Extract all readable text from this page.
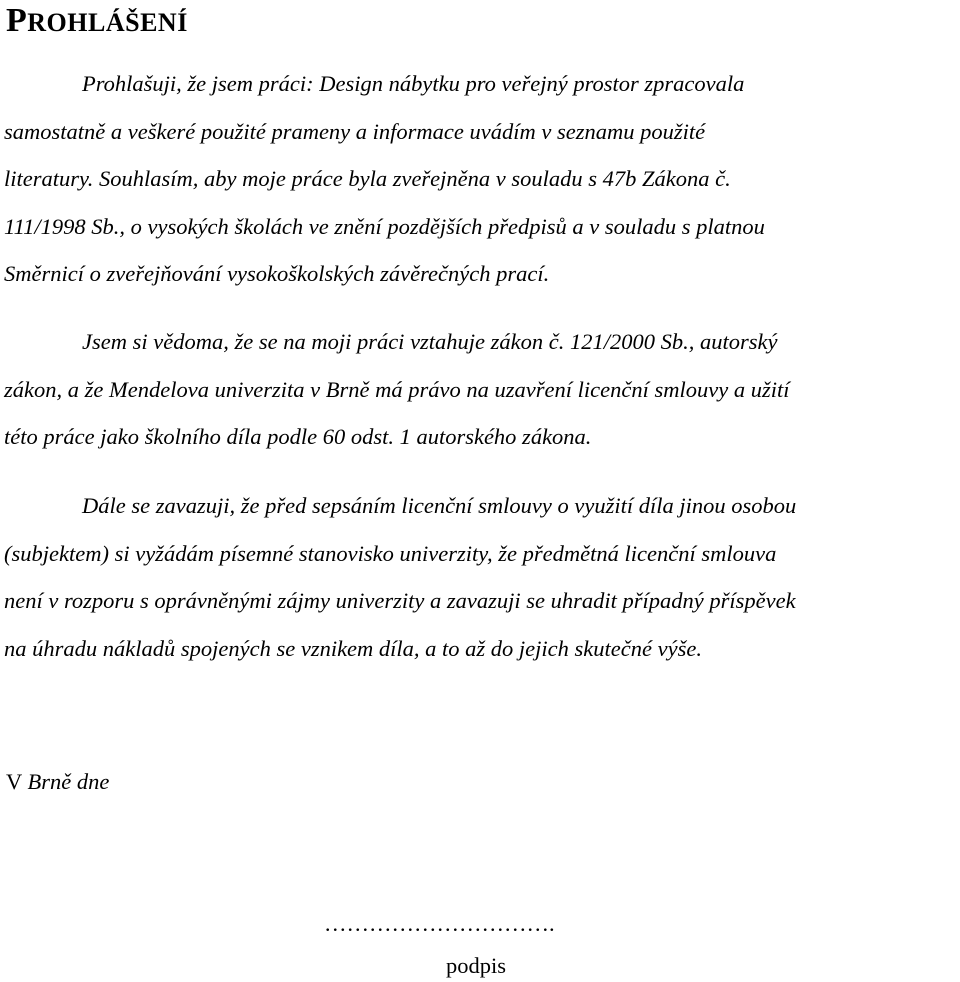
PROHLÁŠENÍ
Prohlašuji, že jsem práci: Design nábytku pro veřejný prostor zpracovala
samostatně a veškeré použité prameny a informace uvádím v seznamu použité
literatury. Souhlasím, aby moje práce byla zveřejněna v souladu s 47b Zákona č.
111/1998 Sb., o vysokých školách ve znění pozdějších předpisů a v souladu s platnou
Směrnicí o zveřejňování vysokoškolských závěrečných prací.
Jsem si vědoma, že se na moji práci vztahuje zákon č. 121/2000 Sb., autorský
zákon, a že Mendelova univerzita v Brně má právo na uzavření licenční smlouvy a užití
této práce jako školního díla podle 60 odst. 1 autorského zákona.
Dále se zavazuji, že před sepsáním licenční smlouvy o využití díla jinou osobou
(subjektem) si vyžádám písemné stanovisko univerzity, že předmětná licenční smlouva
není v rozporu s oprávněnými zájmy univerzity a zavazuji se uhradit případný příspěvek
na úhradu nákladů spojených se vznikem díla, a to až do jejich skutečné výše.
V Brně dne
………………………….
podpis
